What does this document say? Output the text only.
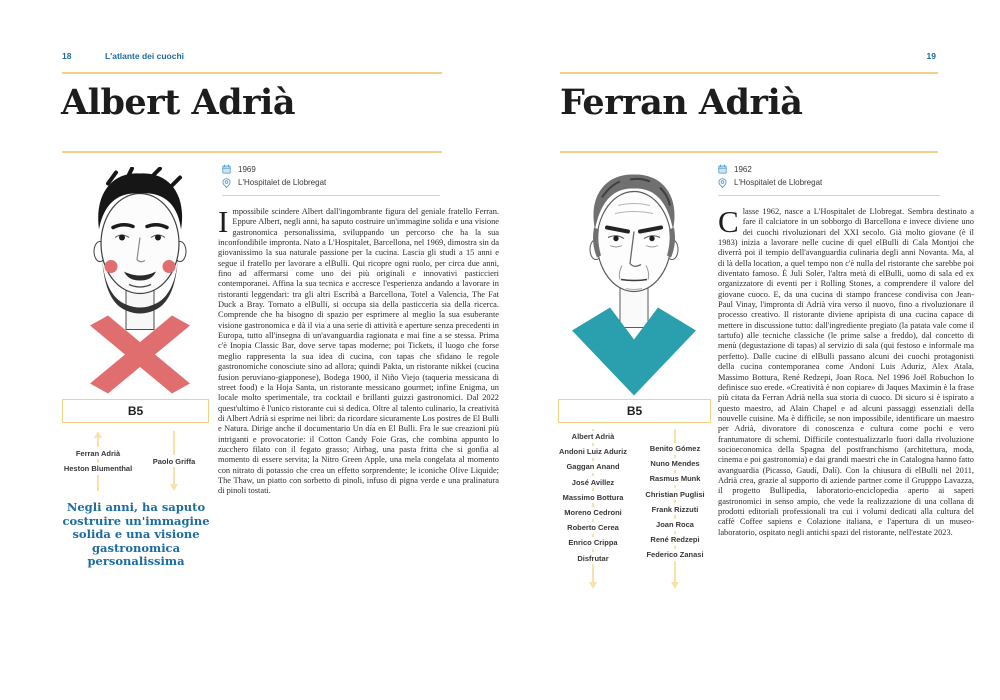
18	L'atlante dei cuochi
Albert Adrià
1969
L'Hospitalet de Llobregat
Impossibile scindere Albert dall'ingombrante figura del geniale fratello Ferran. Eppure Albert, negli anni, ha saputo costruire un'immagine solida e una visione gastronomica personalissima, sviluppando un percorso che ha la sua inconfondibile impronta. Nato a L'Hospitalet, Barcellona, nel 1969, dimostra sin da giovanissimo la sua naturale passione per la cucina. Lascia gli studi a 15 anni e segue il fratello per lavorare a elBulli. Qui ricopre ogni ruolo, per circa due anni, fino ad affermarsi come uno dei più originali e innovativi pasticcieri contemporanei. Affina la sua tecnica e accresce l'esperienza andando a lavorare in ristoranti leggendari: tra gli altri Escribà a Barcellona, Totel a Valencia, The Fat Duck a Bray. Tornato a elBulli, si occupa sia della pasticceria sia della ricerca. Comprende che ha bisogno di spazio per esprimere al meglio la sua esuberante visione gastronomica e dà il via a una serie di attività e aperture senza precedenti in Europa, tutto all'insegna di un'avanguardia ragionata e mai fine a se stessa. Prima c'è Inopia Classic Bar, dove serve tapas moderne; poi Tickets, il luogo che forse meglio rappresenta la sua idea di cucina, con tapas che sfidano le regole gastronomiche conosciute sino ad allora; quindi Pakta, un ristorante nikkei (cucina fusion peruviano-giapponese), Bodega 1900, il Niño Viejo (taqueria messicana di street food) e la Hoja Santa, un ristorante messicano gourmet; infine Enigma, un locale molto sperimentale, tra cocktail e brillanti guizzi gastronomici. Dal 2022 quest'ultimo è l'unico ristorante cui si dedica. Oltre al talento culinario, la creatività di Albert Adrià si esprime nei libri: da ricordare sicuramente Los postres de El Bulli e Natura. Dirige anche il documentario Un día en El Bulli. Fra le sue creazioni più intriganti e provocatorie: il Cotton Candy Foie Gras, che combina appunto lo zucchero filato con il fegato grasso; Airbag, una pasta fritta che si gonfia al momento di essere servita; la Nitro Green Apple, una mela congelata al momento con nitrato di potassio che crea un effetto sorprendente; le iconiche Olive Liquide; The Thaw, un piatto con sorbetto di pinoli, infuso di pigna verde e una pralinatura di pinoli tostati.
B5
Ferran Adrià
Heston Blumenthal
Paolo Griffa

Negli anni, ha saputo costruire un'immagine solida e una visione gastronomica personalissima

19
Ferran Adrià
1962
L'Hospitalet de Llobregat
Classe 1962, nasce a L'Hospitalet de Llobregat. Sembra destinato a fare il calciatore in un sobborgo di Barcellona e invece diviene uno dei cuochi rivoluzionari del XXI secolo. Già molto giovane (è il 1983) inizia a lavorare nelle cucine di quel elBulli di Cala Montjoi che diverrà poi il tempio dell'avanguardia culinaria degli anni Novanta. Ma, al di là della location, a quel tempo non c'è nulla del ristorante che sarebbe poi diventato famoso. È Juli Soler, l'altra metà di elBulli, uomo di sala ed ex organizzatore di eventi per i Rolling Stones, a comprendere il valore del giovane cuoco. E, da una cucina di stampo francese condivisa con Jean-Paul Vinay, l'impronta di Adrià vira verso il nuovo, fino a rivoluzionare il processo creativo. Il ristorante diviene apripista di una cucina capace di mettere in discussione tutto: dall'ingrediente pregiato (la patata vale come il tartufo) alle tecniche classiche (le prime salse a freddo), dal concetto di menù (degustazione di tapas) al servizio di sala (qui festoso e informale ma perfetto). Dalle cucine di elBulli passano alcuni dei cuochi protagonisti della cucina contemporanea come Andoni Luis Aduriz, Alex Atala, Massimo Bottura, René Redzepi, Joan Roca. Nel 1996 Joël Robuchon lo definisce suo erede. «Creatività è non copiare» di Jaques Maximin è la frase più citata da Ferran Adrià nella sua storia di cuoco. Di sicuro si è ispirato a questo maestro, ad Alain Chapel e ad alcuni passaggi essenziali della nouvelle cuisine. Ma è difficile, se non impossibile, identificare un maestro per Adrià, divoratore di conoscenza e cultura come pochi e vero frantumatore di schemi. Difficile contestualizzarlo fuori dalla rivoluzione socioeconomica della Spagna del postfranchismo (architettura, moda, cinema e poi gastronomia) e dai grandi maestri che in Catalogna hanno fatto avanguardia (Picasso, Gaudí, Dalí). Con la chiusura di elBulli nel 2011, Adrià crea, grazie al supporto di aziende partner come il Grupppo Lavazza, il progetto Bullipedia, laboratorio-enciclopedia aperto ai saperi gastronomici in senso ampio, che vede la realizzazione di una collana di prodotti editoriali professionali tra cui i volumi dedicati alla cultura del caffè Coffee sapiens e Colazione italiana, e l'apertura di un museo-laboratorio, ospitato negli antichi spazi del ristorante, nell'estate 2023.
B5
Albert Adrià
Andoni Luiz Aduriz
Gaggan Anand
José Avillez
Massimo Bottura
Moreno Cedroni
Roberto Cerea
Enrico Crippa
Disfrutar
Benito Gómez
Nuno Mendes
Rasmus Munk
Christian Puglisi
Frank Rizzuti
Joan Roca
René Redzepi
Federico Zanasi
